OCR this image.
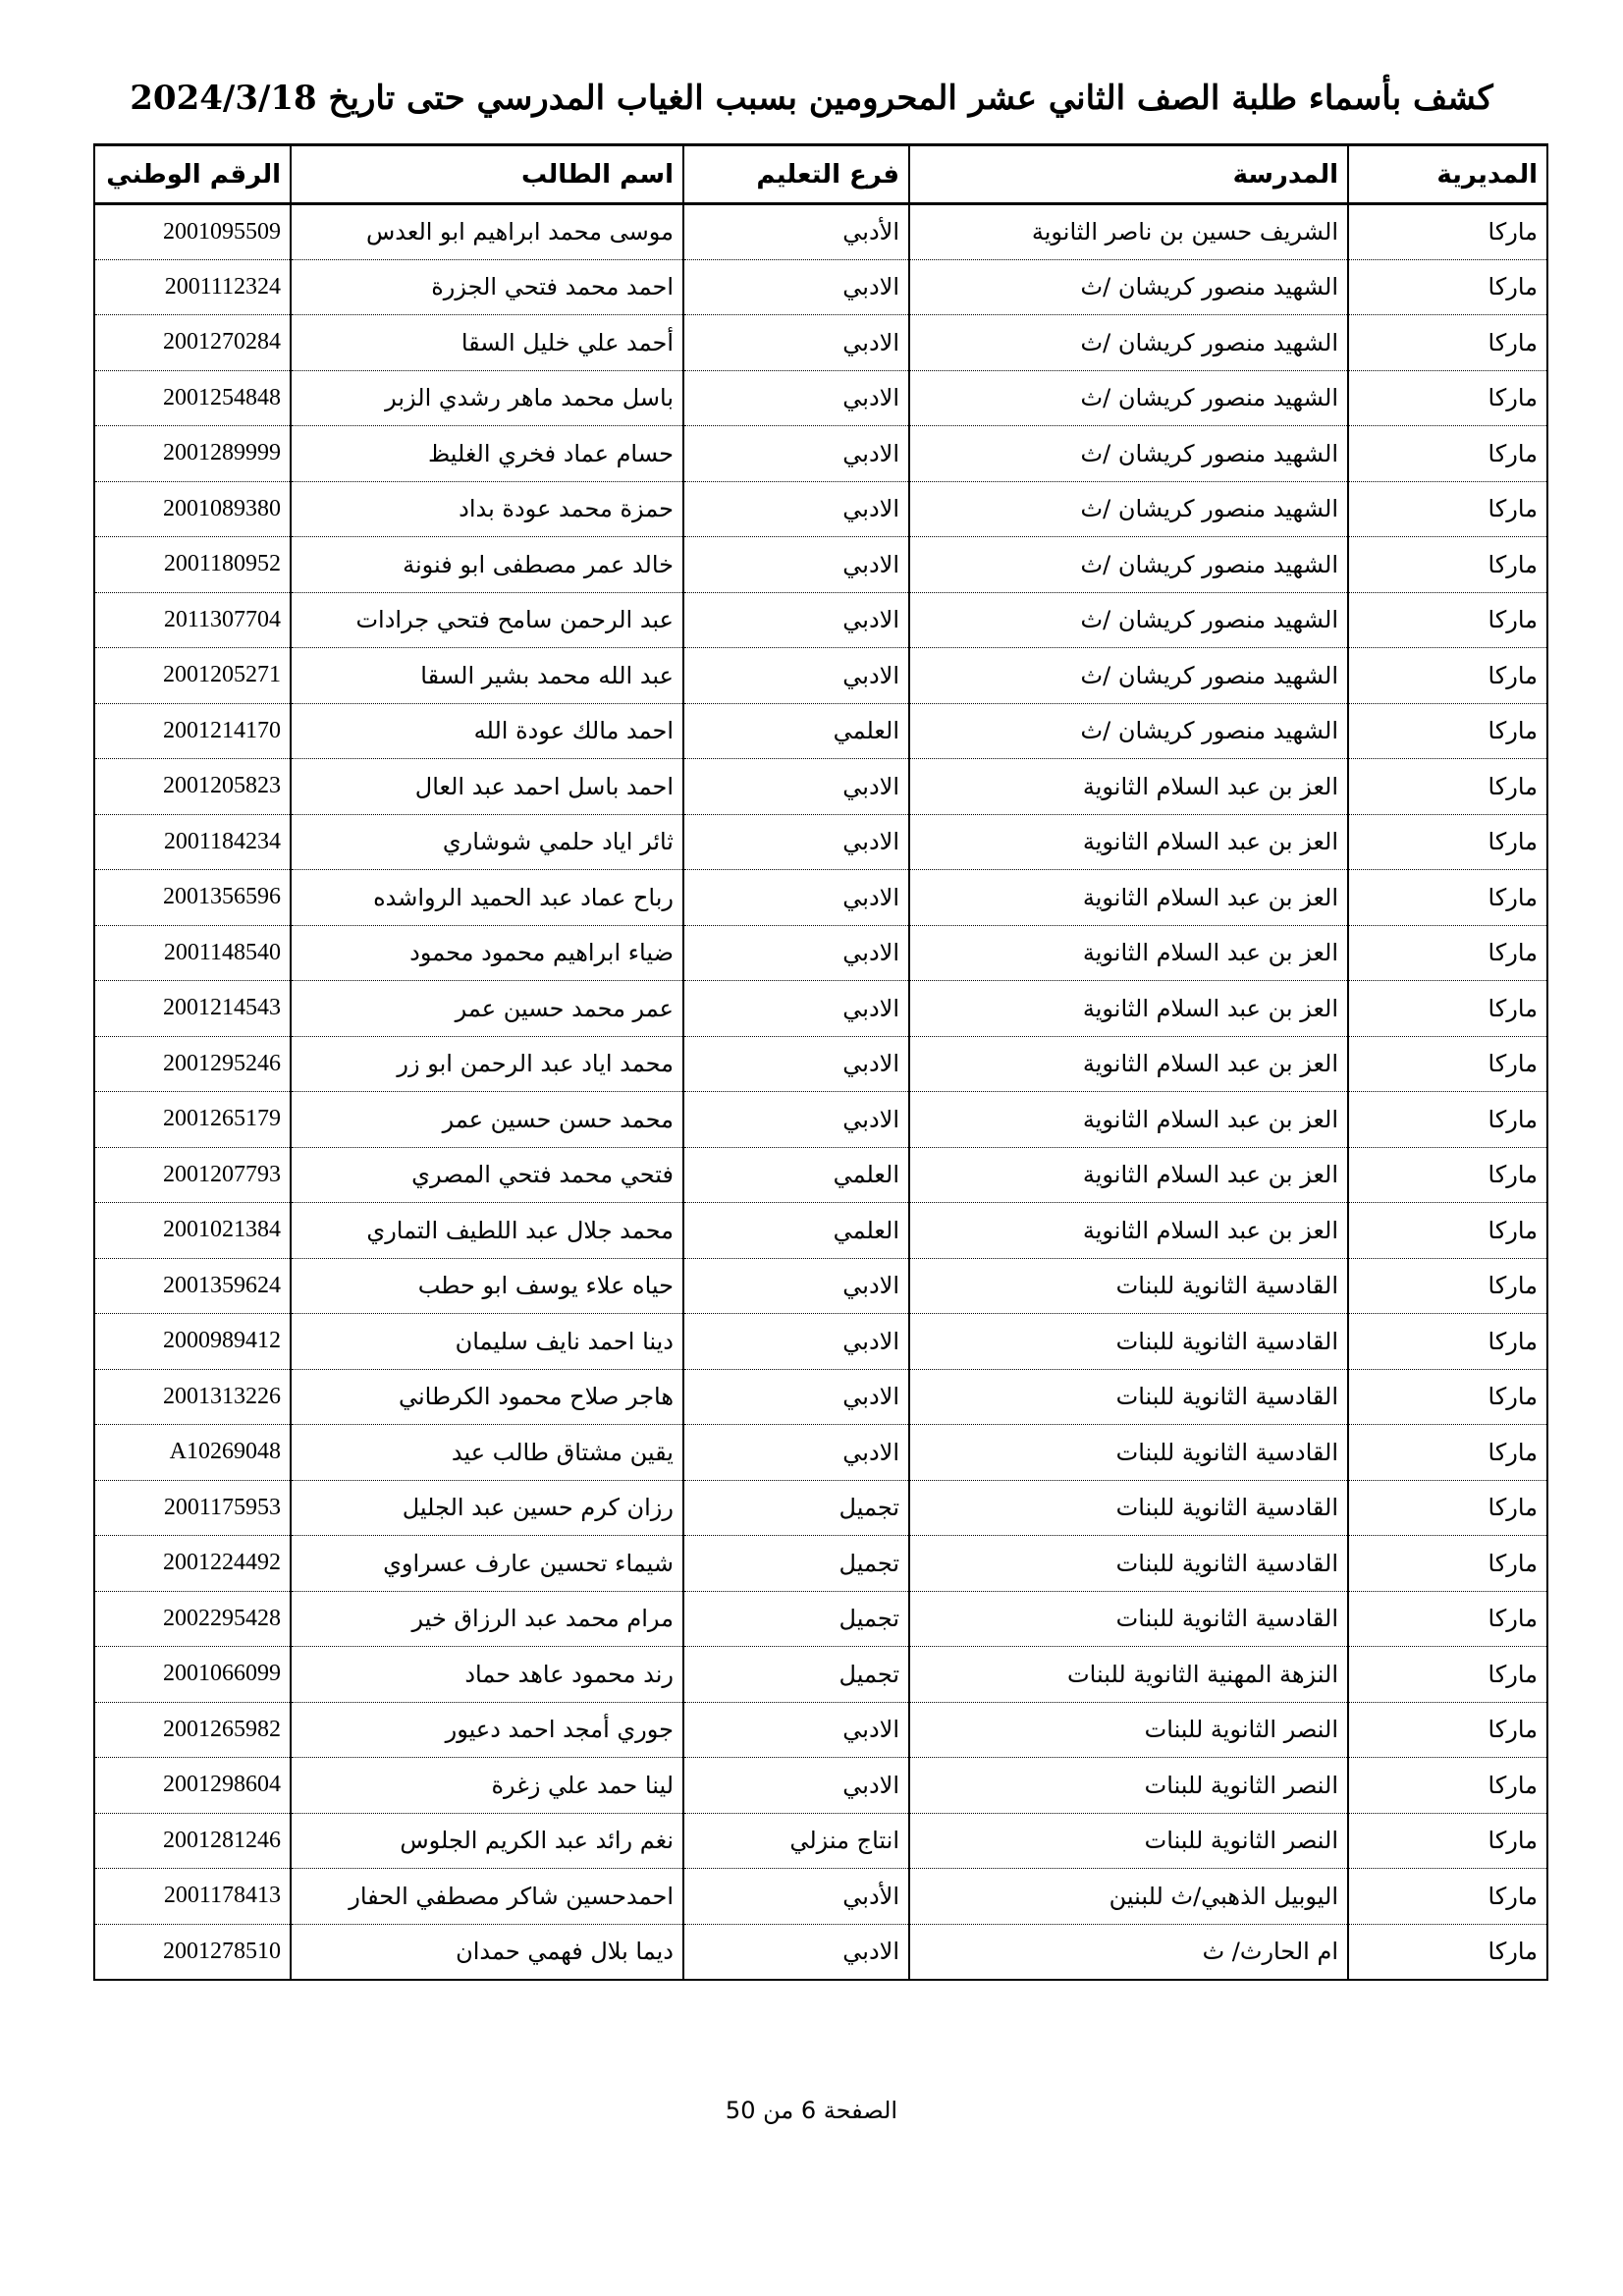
كشف بأسماء طلبة الصف الثاني عشر المحرومين بسبب الغياب المدرسي حتى تاريخ 2024/3/18
الرقم الوطني	اسم الطالب	فرع التعليم	المدرسة	المديرية
2001095509	موسى محمد ابراهيم ابو العدس	الأدبي	الشريف حسين بن ناصر الثانوية	ماركا
2001112324	احمد محمد فتحي الجزرة	الادبي	الشهيد منصور كريشان /ث	ماركا
2001270284	أحمد علي خليل السقا	الادبي	الشهيد منصور كريشان /ث	ماركا
2001254848	باسل محمد ماهر رشدي الزبر	الادبي	الشهيد منصور كريشان /ث	ماركا
2001289999	حسام عماد فخري الغليظ	الادبي	الشهيد منصور كريشان /ث	ماركا
2001089380	حمزة محمد عودة بداد	الادبي	الشهيد منصور كريشان /ث	ماركا
2001180952	خالد عمر مصطفى ابو فنونة	الادبي	الشهيد منصور كريشان /ث	ماركا
2011307704	عبد الرحمن سامح فتحي جرادات	الادبي	الشهيد منصور كريشان /ث	ماركا
2001205271	عبد الله محمد بشير السقا	الادبي	الشهيد منصور كريشان /ث	ماركا
2001214170	احمد مالك عودة الله	العلمي	الشهيد منصور كريشان /ث	ماركا
2001205823	احمد باسل احمد عبد العال	الادبي	العز بن عبد السلام الثانوية	ماركا
2001184234	ثائر اياد حلمي شوشاري	الادبي	العز بن عبد السلام الثانوية	ماركا
2001356596	رباح عماد عبد الحميد الرواشده	الادبي	العز بن عبد السلام الثانوية	ماركا
2001148540	ضياء ابراهيم محمود محمود	الادبي	العز بن عبد السلام الثانوية	ماركا
2001214543	عمر محمد حسين عمر	الادبي	العز بن عبد السلام الثانوية	ماركا
2001295246	محمد اياد عبد الرحمن ابو زر	الادبي	العز بن عبد السلام الثانوية	ماركا
2001265179	محمد حسن حسين عمر	الادبي	العز بن عبد السلام الثانوية	ماركا
2001207793	فتحي محمد فتحي المصري	العلمي	العز بن عبد السلام الثانوية	ماركا
2001021384	محمد جلال عبد اللطيف التماري	العلمي	العز بن عبد السلام الثانوية	ماركا
2001359624	حياه علاء يوسف ابو حطب	الادبي	القادسية الثانوية للبنات	ماركا
2000989412	دينا احمد نايف سليمان	الادبي	القادسية الثانوية للبنات	ماركا
2001313226	هاجر صلاح محمود الكرطاني	الادبي	القادسية الثانوية للبنات	ماركا
A10269048	يقين مشتاق طالب عيد	الادبي	القادسية الثانوية للبنات	ماركا
2001175953	رزان كرم حسين عبد الجليل	تجميل	القادسية الثانوية للبنات	ماركا
2001224492	شيماء تحسين عارف عسراوي	تجميل	القادسية الثانوية للبنات	ماركا
2002295428	مرام محمد عبد الرزاق خير	تجميل	القادسية الثانوية للبنات	ماركا
2001066099	رند محمود عاهد حماد	تجميل	النزهة المهنية الثانوية للبنات	ماركا
2001265982	جوري أمجد احمد دعيور	الادبي	النصر الثانوية للبنات	ماركا
2001298604	لينا حمد علي زغرة	الادبي	النصر الثانوية للبنات	ماركا
2001281246	نغم رائد عبد الكريم الجلوس	انتاج منزلي	النصر الثانوية للبنات	ماركا
2001178413	احمدحسين شاكر مصطفي الحفار	الأدبي	اليوبيل الذهبي/ث للبنين	ماركا
2001278510	ديما بلال فهمي حمدان	الادبي	ام الحارث/ ث	ماركا
الصفحة 6 من 50
